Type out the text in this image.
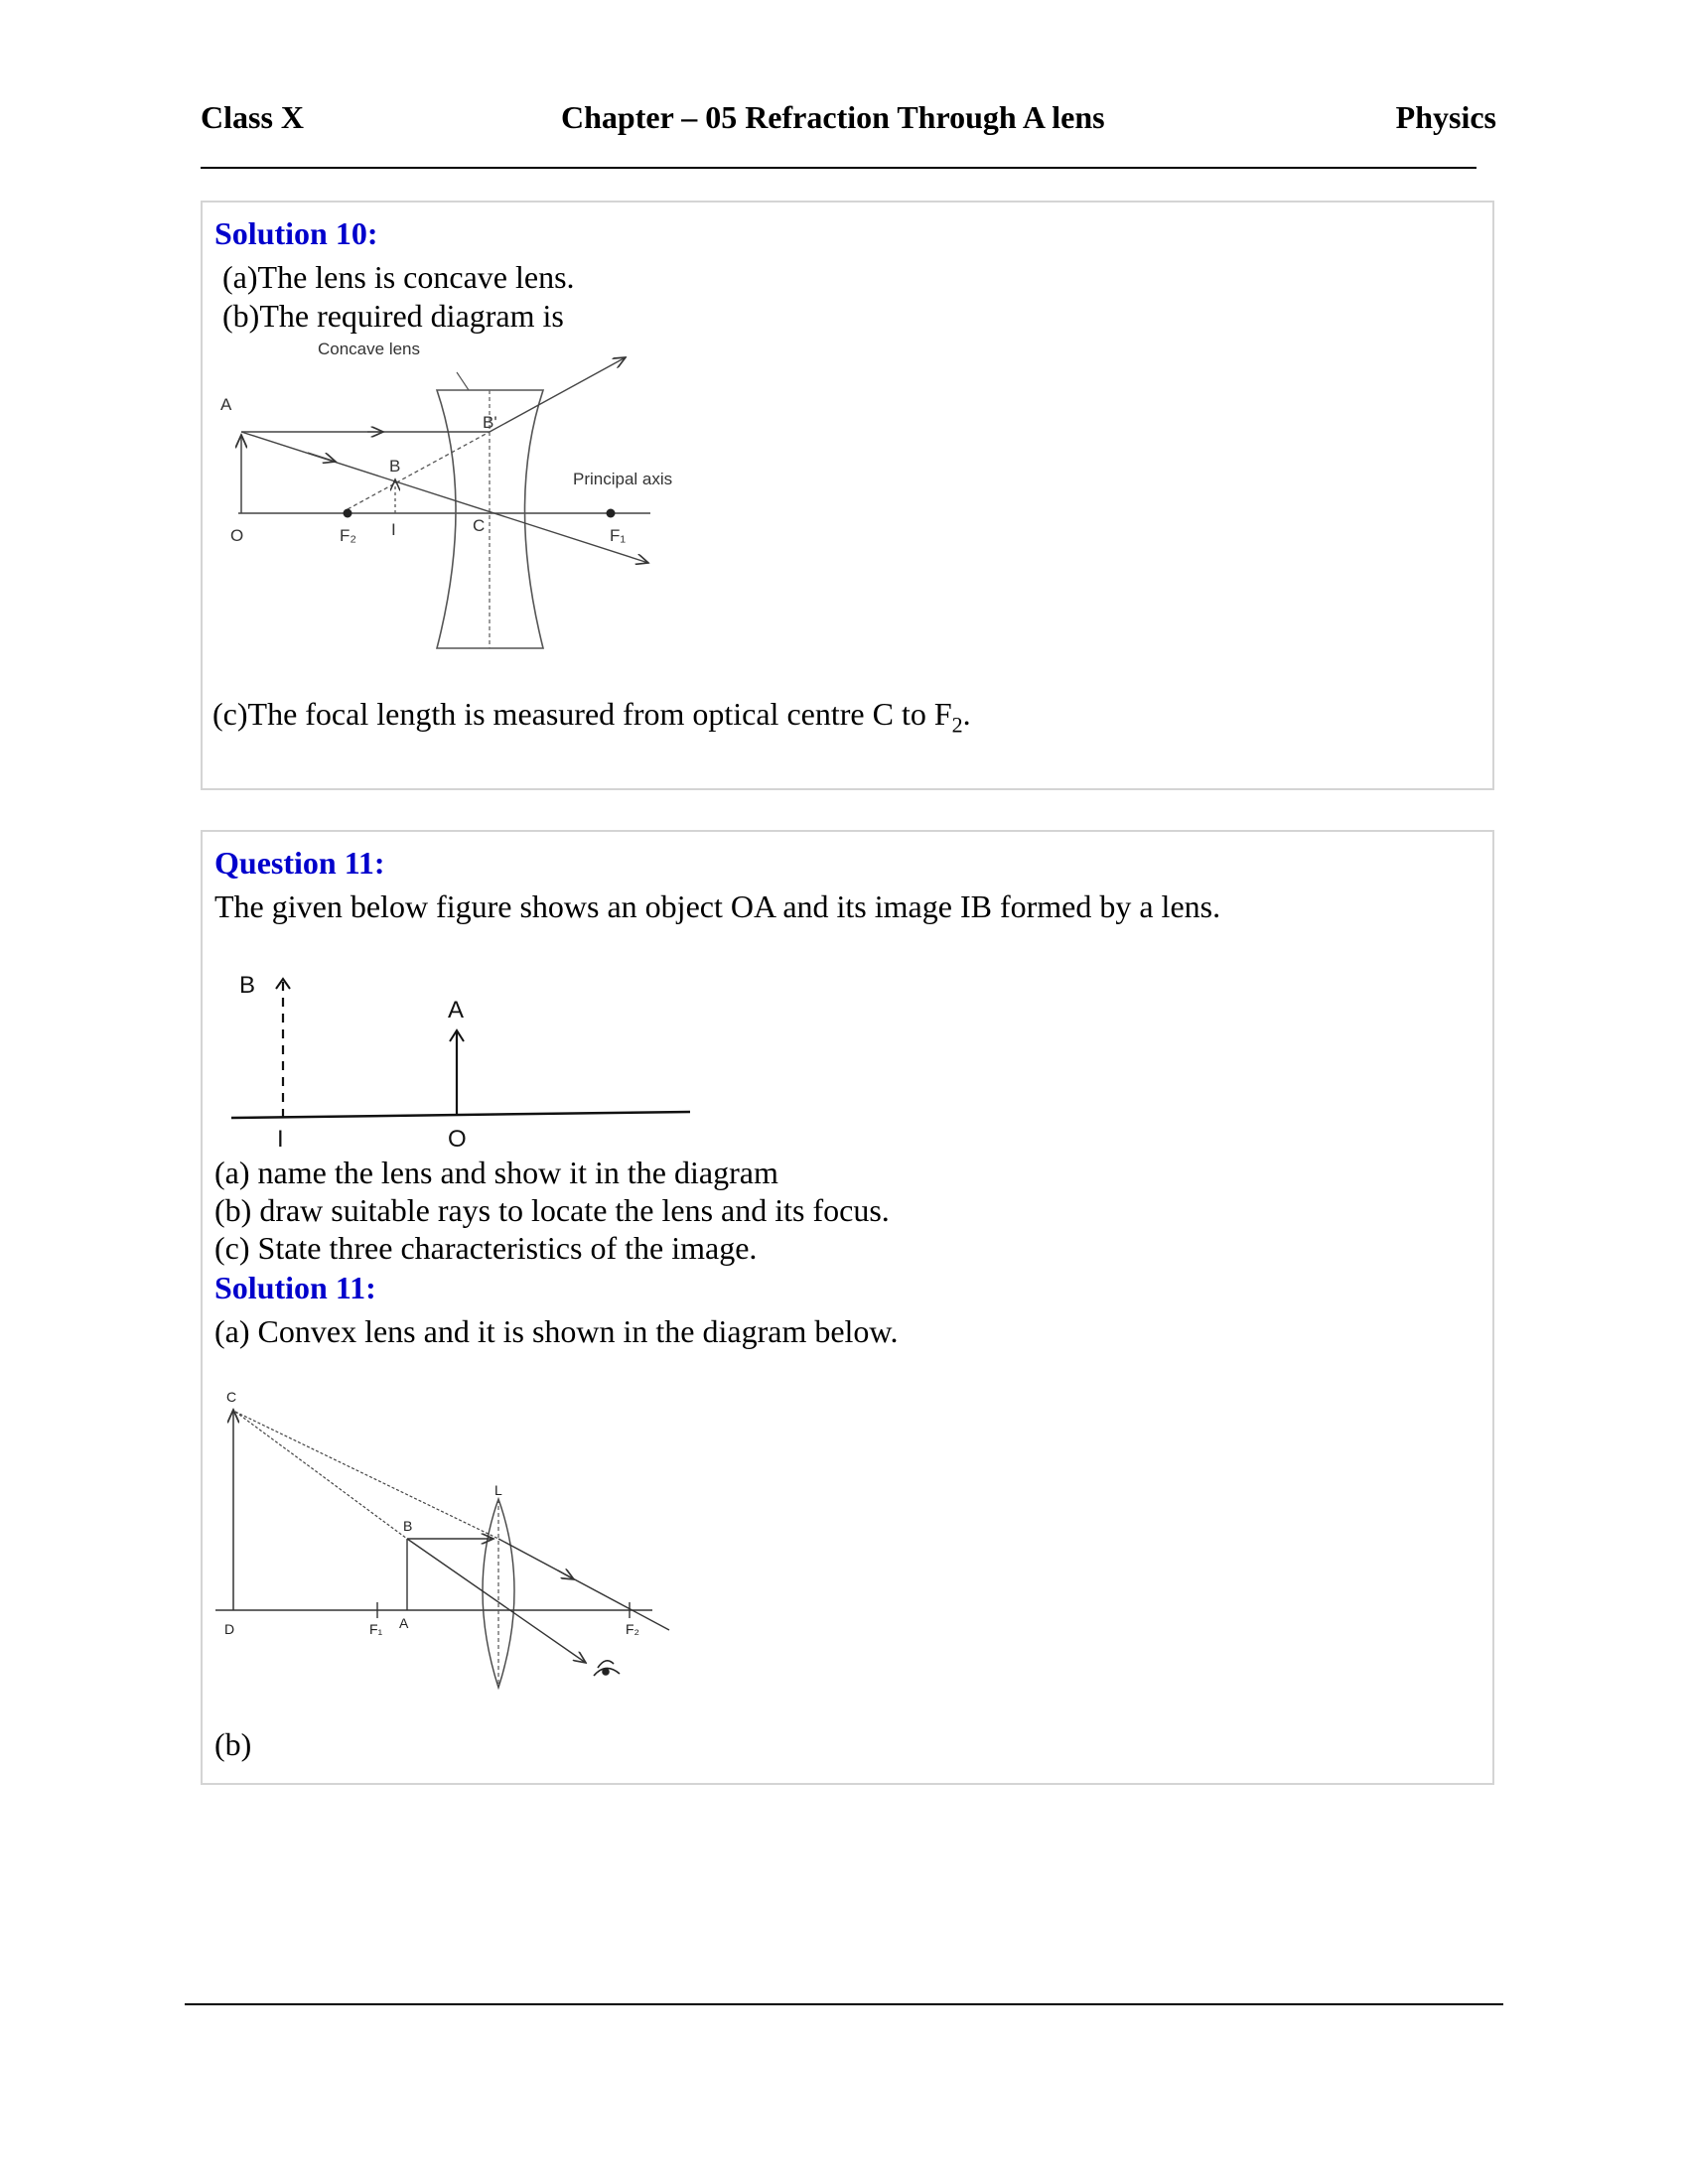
Class X	Chapter – 05 Refraction Through A lens	Physics
Solution 10:
(a)The lens is concave lens.
(b)The required diagram is
Concave lens
Principal axis
A
O
B
B'
I	C
F₂	F₁
(c)The focal length is measured from optical centre C to $F_2$.
Question 11:
The given below figure shows an object OA and its image IB formed by a lens.
B
A
I	O
(a) name the lens and show it in the diagram
(b) draw suitable rays to locate the lens and its focus.
(c) State three characteristics of the image.
Solution 11:
(a) Convex lens and it is shown in the diagram below.
C
B
L
D	F₁ A	F₂
(b)
